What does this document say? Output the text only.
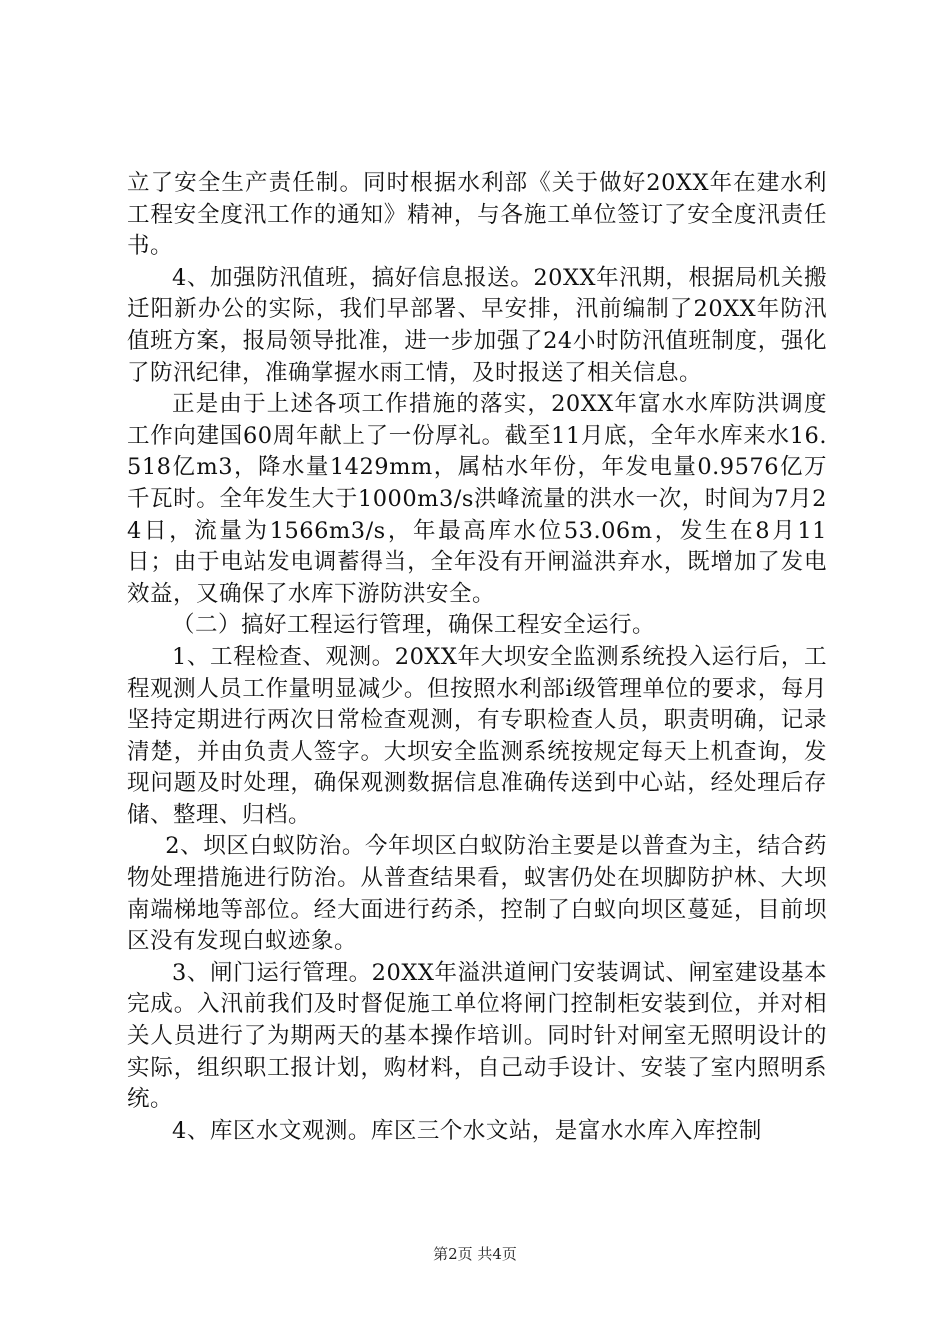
立了安全生产责任制。同时根据水利部《关于做好20XX年在建水利工程安全度汛工作的通知》精神，与各施工单位签订了安全度汛责任书。

4、加强防汛值班，搞好信息报送。20XX年汛期，根据局机关搬迁阳新办公的实际，我们早部署、早安排，汛前编制了20XX年防汛值班方案，报局领导批准，进一步加强了24小时防汛值班制度，强化了防汛纪律，准确掌握水雨工情，及时报送了相关信息。

正是由于上述各项工作措施的落实，20XX年富水水库防洪调度工作向建国60周年献上了一份厚礼。截至11月底，全年水库来水16.518亿m3，降水量1429mm，属枯水年份，年发电量0.9576亿万千瓦时。全年发生大于1000m3/s洪峰流量的洪水一次，时间为7月24日，流量为1566m3/s，年最高库水位53.06m，发生在8月11日；由于电站发电调蓄得当，全年没有开闸溢洪弃水，既增加了发电效益，又确保了水库下游防洪安全。

（二）搞好工程运行管理，确保工程安全运行。

1、工程检查、观测。20XX年大坝安全监测系统投入运行后，工程观测人员工作量明显减少。但按照水利部ⅰ级管理单位的要求，每月坚持定期进行两次日常检查观测，有专职检查人员，职责明确，记录清楚，并由负责人签字。大坝安全监测系统按规定每天上机查询，发现问题及时处理，确保观测数据信息准确传送到中心站，经处理后存储、整理、归档。

2、坝区白蚁防治。今年坝区白蚁防治主要是以普查为主，结合药物处理措施进行防治。从普查结果看，蚁害仍处在坝脚防护林、大坝南端梯地等部位。经大面进行药杀，控制了白蚁向坝区蔓延，目前坝区没有发现白蚁迹象。

3、闸门运行管理。20XX年溢洪道闸门安装调试、闸室建设基本完成。入汛前我们及时督促施工单位将闸门控制柜安装到位，并对相关人员进行了为期两天的基本操作培训。同时针对闸室无照明设计的实际，组织职工报计划，购材料，自己动手设计、安装了室内照明系统。

4、库区水文观测。库区三个水文站，是富水水库入库控制

第2页 共4页
